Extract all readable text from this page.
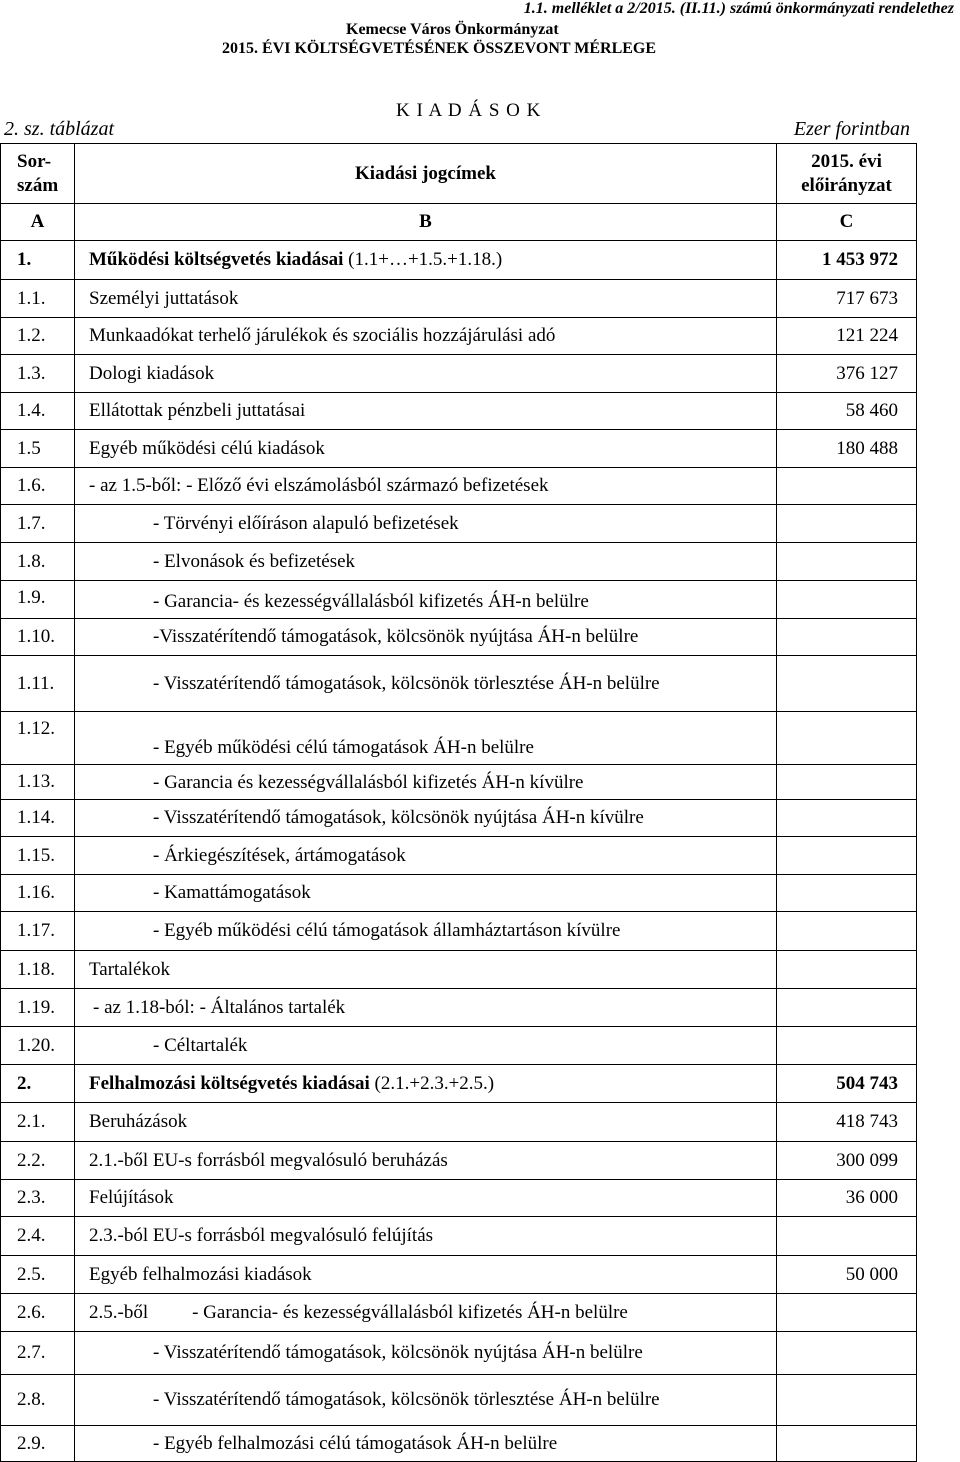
1.1. melléklet a 2/2015. (II.11.) számú önkormányzati rendelethez
Kemecse Város Önkormányzat
2015. ÉVI KÖLTSÉGVETÉSÉNEK ÖSSZEVONT MÉRLEGE
K I A D Á S O K
2. sz. táblázat	Ezer forintban
Sor-
szám	Kiadási jogcímek	2015. évi
előirányzat
A	B	C
1.	Működési költségvetés kiadásai (1.1+…+1.5.+1.18.)	1 453 972
1.1.	Személyi juttatások	717 673
1.2.	Munkaadókat terhelő járulékok és szociális hozzájárulási adó	121 224
1.3.	Dologi kiadások	376 127
1.4.	Ellátottak pénzbeli juttatásai	58 460
1.5	Egyéb működési célú kiadások	180 488
1.6.	- az 1.5-ből: - Előző évi elszámolásból származó befizetések	
1.7.	- Törvényi előíráson alapuló befizetések	
1.8.	- Elvonások és befizetések	
1.9.	- Garancia- és kezességvállalásból kifizetés ÁH-n belülre	
1.10.	-Visszatérítendő támogatások, kölcsönök nyújtása ÁH-n belülre	
1.11.	- Visszatérítendő támogatások, kölcsönök törlesztése ÁH-n belülre	
1.12.	- Egyéb működési célú támogatások ÁH-n belülre	
1.13.	- Garancia és kezességvállalásból kifizetés ÁH-n kívülre	
1.14.	- Visszatérítendő támogatások, kölcsönök nyújtása ÁH-n kívülre	
1.15.	- Árkiegészítések, ártámogatások	
1.16.	- Kamattámogatások	
1.17.	- Egyéb működési célú támogatások államháztartáson kívülre	
1.18.	Tartalékok	
1.19.	- az 1.18-ból: - Általános tartalék	
1.20.	- Céltartalék	
2.	Felhalmozási költségvetés kiadásai (2.1.+2.3.+2.5.)	504 743
2.1.	Beruházások	418 743
2.2.	2.1.-ből EU-s forrásból megvalósuló beruházás	300 099
2.3.	Felújítások	36 000
2.4.	2.3.-ból EU-s forrásból megvalósuló felújítás	
2.5.	Egyéb felhalmozási kiadások	50 000
2.6.	2.5.-ből - Garancia- és kezességvállalásból kifizetés ÁH-n belülre	
2.7.	- Visszatérítendő támogatások, kölcsönök nyújtása ÁH-n belülre	
2.8.	- Visszatérítendő támogatások, kölcsönök törlesztése ÁH-n belülre	
2.9.	- Egyéb felhalmozási célú támogatások ÁH-n belülre	
